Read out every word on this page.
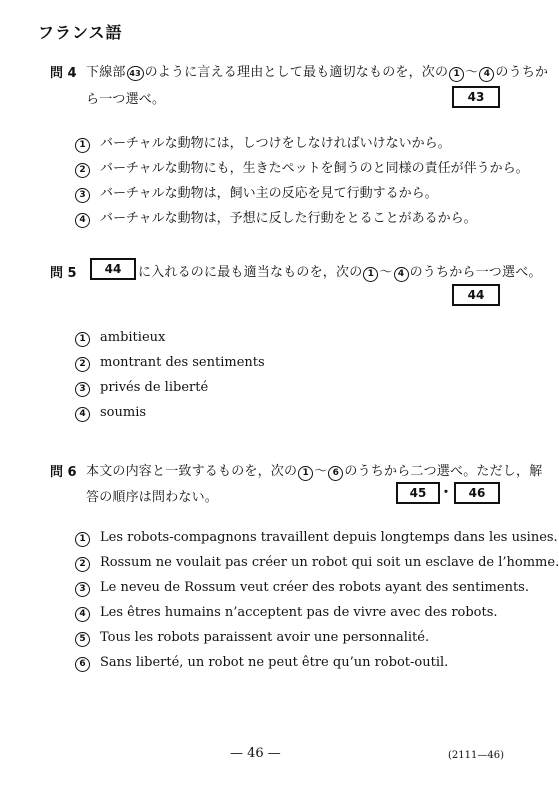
フランス語
問 4 下線部 43 のように言える理由として最も適切なものを，次の 1 ～ 4 のうちか
ら一つ選べ。	43
1 バーチャルな動物には，しつけをしなければいけないから。
2 バーチャルな動物にも，生きたペットを飼うのと同様の責任が伴うから。
3 バーチャルな動物は，飼い主の反応を見て行動するから。
4 バーチャルな動物は，予想に反した行動をとることがあるから。
問 5	44	に入れるのに最も適当なものを，次の 1 ～ 4 のうちから一つ選べ。
44
1 ambitieux
2 montrant des sentiments
3 privés de liberté
4 soumis
問 6 本文の内容と一致するものを，次の 1 ～ 6 のうちから二つ選べ。ただし，解
答の順序は問わない。	45 ・	46
1 Les robots-compagnons travaillent depuis longtemps dans les usines.
2 Rossum ne voulait pas créer un robot qui soit un esclave de l’homme.
3 Le neveu de Rossum veut créer des robots ayant des sentiments.
4 Les êtres humains n’acceptent pas de vivre avec des robots.
5 Tous les robots paraissent avoir une personnalité.
6 Sans liberté, un robot ne peut être qu’un robot-outil.
— 46 —	(2111—46)
